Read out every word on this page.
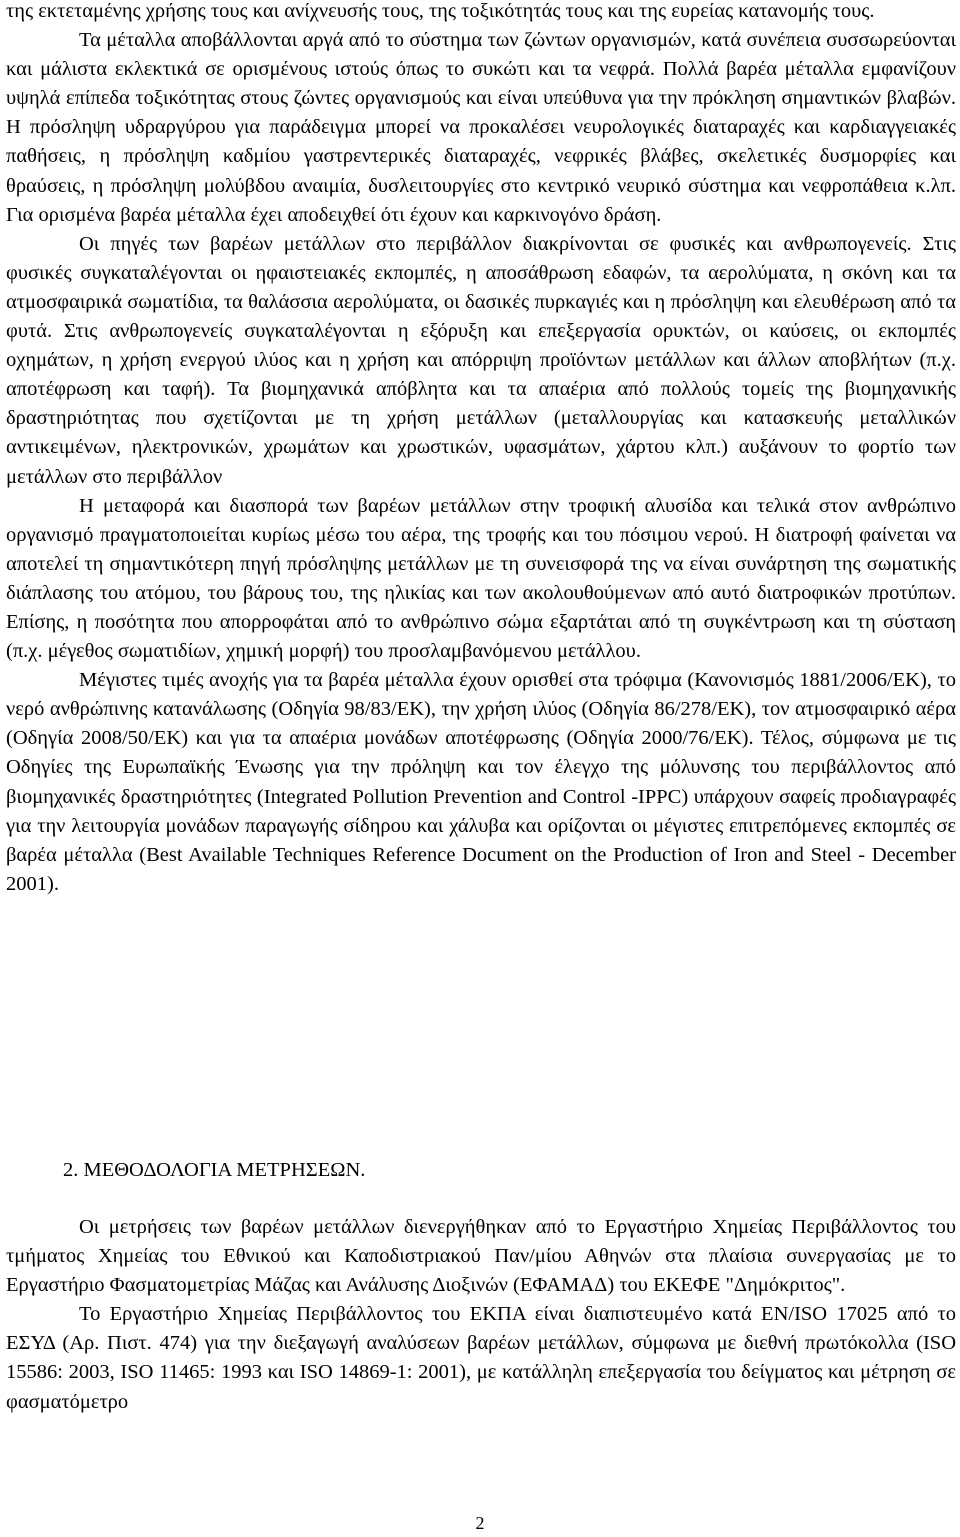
της εκτεταμένης χρήσης τους και ανίχνευσής τους, της τοξικότητάς τους και της ευρείας κατανομής τους.

Τα μέταλλα αποβάλλονται αργά από το σύστημα των ζώντων οργανισμών, κατά συνέπεια συσσωρεύονται και μάλιστα εκλεκτικά σε ορισμένους ιστούς όπως το συκώτι και τα νεφρά. Πολλά βαρέα μέταλλα εμφανίζουν υψηλά επίπεδα τοξικότητας στους ζώντες οργανισμούς και είναι υπεύθυνα για την πρόκληση σημαντικών βλαβών. Η πρόσληψη υδραργύρου για παράδειγμα μπορεί να προκαλέσει νευρολογικές διαταραχές και καρδιαγγειακές παθήσεις, η πρόσληψη καδμίου γαστρεντερικές διαταραχές, νεφρικές βλάβες, σκελετικές δυσμορφίες και θραύσεις, η πρόσληψη μολύβδου αναιμία, δυσλειτουργίες στο κεντρικό νευρικό σύστημα και νεφροπάθεια κ.λπ. Για ορισμένα βαρέα μέταλλα έχει αποδειχθεί ότι έχουν και καρκινογόνο δράση.

Οι πηγές των βαρέων μετάλλων στο περιβάλλον διακρίνονται σε φυσικές και ανθρωπογενείς. Στις φυσικές συγκαταλέγονται οι ηφαιστειακές εκπομπές, η αποσάθρωση εδαφών, τα αερολύματα, η σκόνη και τα ατμοσφαιρικά σωματίδια, τα θαλάσσια αερολύματα, οι δασικές πυρκαγιές και η πρόσληψη και ελευθέρωση από τα φυτά. Στις ανθρωπογενείς συγκαταλέγονται η εξόρυξη και επεξεργασία ορυκτών, οι καύσεις, οι εκπομπές οχημάτων, η χρήση ενεργού ιλύος και η χρήση και απόρριψη προϊόντων μετάλλων και άλλων αποβλήτων (π.χ. αποτέφρωση και ταφή). Τα βιομηχανικά απόβλητα και τα απαέρια από πολλούς τομείς της βιομηχανικής δραστηριότητας που σχετίζονται με τη χρήση μετάλλων (μεταλλουργίας και κατασκευής μεταλλικών αντικειμένων, ηλεκτρονικών, χρωμάτων και χρωστικών, υφασμάτων, χάρτου κλπ.) αυξάνουν το φορτίο των μετάλλων στο περιβάλλον

Η μεταφορά και διασπορά των βαρέων μετάλλων στην τροφική αλυσίδα και τελικά στον ανθρώπινο οργανισμό πραγματοποιείται κυρίως μέσω του αέρα, της τροφής και του πόσιμου νερού. Η διατροφή φαίνεται να αποτελεί τη σημαντικότερη πηγή πρόσληψης μετάλλων με τη συνεισφορά της να είναι συνάρτηση της σωματικής διάπλασης του ατόμου, του βάρους του, της ηλικίας και των ακολουθούμενων από αυτό διατροφικών προτύπων. Επίσης, η ποσότητα που απορροφάται από το ανθρώπινο σώμα εξαρτάται από τη συγκέντρωση και τη σύσταση (π.χ. μέγεθος σωματιδίων, χημική μορφή) του προσλαμβανόμενου μετάλλου.

Μέγιστες τιμές ανοχής για τα βαρέα μέταλλα έχουν ορισθεί στα τρόφιμα (Κανονισμός 1881/2006/ΕΚ), το νερό ανθρώπινης κατανάλωσης (Οδηγία 98/83/ΕΚ), την χρήση ιλύος (Οδηγία 86/278/ΕΚ), τον ατμοσφαιρικό αέρα (Οδηγία 2008/50/ΕΚ) και για τα απαέρια μονάδων αποτέφρωσης (Οδηγία 2000/76/ΕΚ). Τέλος, σύμφωνα με τις Οδηγίες της Ευρωπαϊκής Ένωσης για την πρόληψη και τον έλεγχο της μόλυνσης του περιβάλλοντος από βιομηχανικές δραστηριότητες (Integrated Pollution Prevention and Control -IPPC) υπάρχουν σαφείς προδιαγραφές για την λειτουργία μονάδων παραγωγής σίδηρου και χάλυβα και ορίζονται οι μέγιστες επιτρεπόμενες εκπομπές σε βαρέα μέταλλα (Best Available Techniques Reference Document on the Production of Iron and Steel - December 2001).

2. ΜΕΘΟΔΟΛΟΓΙΑ ΜΕΤΡΗΣΕΩΝ.

Οι μετρήσεις των βαρέων μετάλλων διενεργήθηκαν από το Εργαστήριο Χημείας Περιβάλλοντος του τμήματος Χημείας του Εθνικού και Καποδιστριακού Παν/μίου Αθηνών στα πλαίσια συνεργασίας με το Εργαστήριο Φασματομετρίας Μάζας και Ανάλυσης Διοξινών (ΕΦΑΜΑΔ) του ΕΚΕΦΕ "Δημόκριτος".

Το Εργαστήριο Χημείας Περιβάλλοντος του ΕΚΠΑ είναι διαπιστευμένο κατά ΕΝ/ISO 17025 από το ΕΣΥΔ (Αρ. Πιστ. 474) για την διεξαγωγή αναλύσεων βαρέων μετάλλων, σύμφωνα με διεθνή πρωτόκολλα (ISO 15586: 2003, ISO 11465: 1993 και ISO 14869-1: 2001), με κατάλληλη επεξεργασία του δείγματος και μέτρηση σε φασματόμετρο

2
